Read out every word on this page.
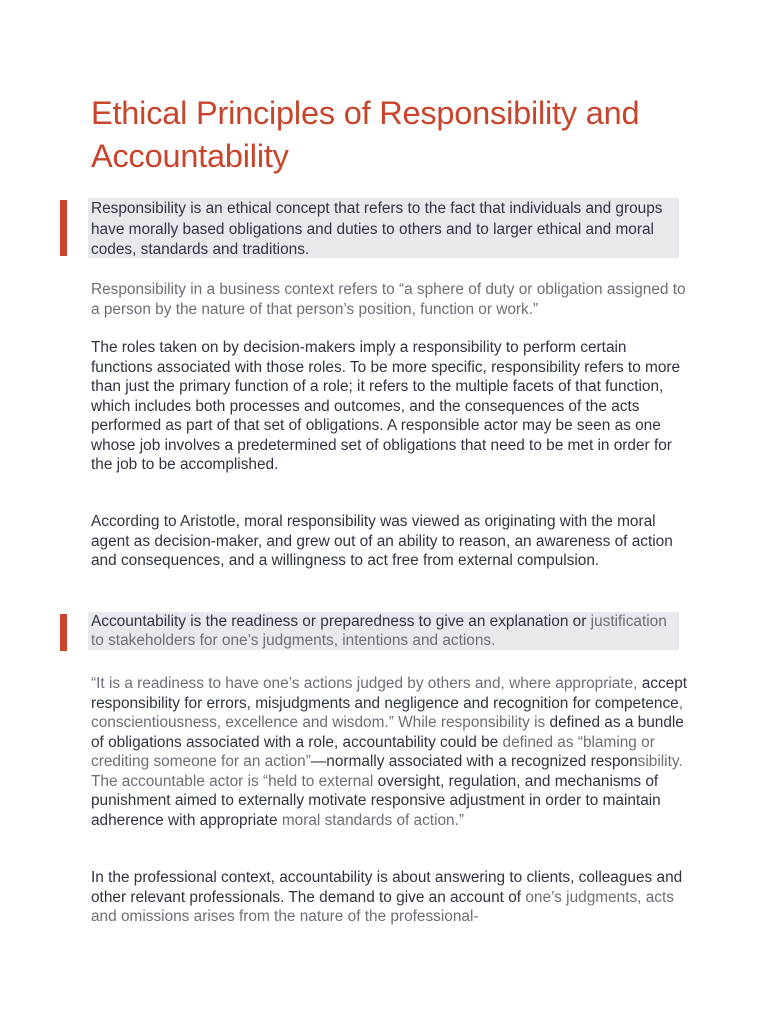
Ethical Principles of Responsibility and Accountability
Responsibility is an ethical concept that refers to the fact that individuals and groups have morally based obligations and duties to others and to larger ethical and moral codes, standards and traditions.

Responsibility in a business context refers to “a sphere of duty or obligation assigned to a person by the nature of that person’s position, function or work.”

The roles taken on by decision-makers imply a responsibility to perform certain functions associated with those roles. To be more specific, responsibility refers to more than just the primary function of a role; it refers to the multiple facets of that function, which includes both processes and outcomes, and the consequences of the acts performed as part of that set of obligations. A responsible actor may be seen as one whose job involves a predetermined set of obligations that need to be met in order for the job to be accomplished.

According to Aristotle, moral responsibility was viewed as originating with the moral agent as decision-maker, and grew out of an ability to reason, an awareness of action and consequences, and a willingness to act free from external compulsion.

Accountability is the readiness or preparedness to give an explanation or justification to stakeholders for one’s judgments, intentions and actions.

“It is a readiness to have one’s actions judged by others and, where appropriate, accept responsibility for errors, misjudgments and negligence and recognition for competence, conscientiousness, excellence and wisdom.” While responsibility is defined as a bundle of obligations associated with a role, accountability could be defined as “blaming or crediting someone for an action”—normally associated with a recognized responsibility. The accountable actor is “held to external oversight, regulation, and mechanisms of punishment aimed to externally motivate responsive adjustment in order to maintain adherence with appropriate moral standards of action.”

In the professional context, accountability is about answering to clients, colleagues and other relevant professionals. The demand to give an account of one’s judgments, acts and omissions arises from the nature of the professional-
